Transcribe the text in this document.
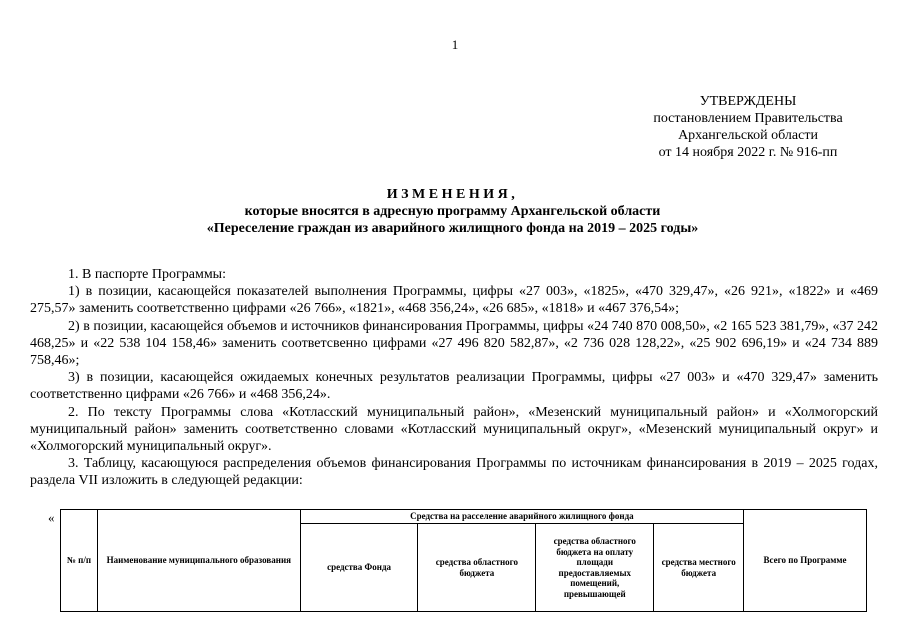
1
УТВЕРЖДЕНЫ
постановлением Правительства
Архангельской области
от 14 ноября 2022 г. № 916-пп
ИЗМЕНЕНИЯ,
которые вносятся в адресную программу Архангельской области
«Переселение граждан из аварийного жилищного фонда на 2019 – 2025 годы»

1. В паспорте Программы:

1) в позиции, касающейся показателей выполнения Программы, цифры «27 003», «1825», «470 329,47», «26 921», «1822» и «469 275,57» заменить соответственно цифрами «26 766», «1821», «468 356,24», «26 685», «1818» и «467 376,54»;

2) в позиции, касающейся объемов и источников финансирования Программы, цифры «24 740 870 008,50», «2 165 523 381,79», «37 242 468,25» и «22 538 104 158,46» заменить соответсвенно цифрами «27 496 820 582,87», «2 736 028 128,22», «25 902 696,19» и «24 734 889 758,46»;

3) в позиции, касающейся ожидаемых конечных результатов реализации Программы, цифры «27 003» и «470 329,47» заменить соответственно цифрами «26 766» и «468 356,24».

2. По тексту Программы слова «Котласский муниципальный район», «Мезенский муниципальный район» и «Холмогорский муниципальный район» заменить соответственно словами «Котласский муниципальный округ», «Мезенский муниципальный округ» и «Холмогорский муниципальный округ».

3. Таблицу, касающуюся распределения объемов финансирования Программы по источникам финансирования в 2019 – 2025 годах, раздела VII изложить в следующей редакции:

«
№ п/п	Наименование муниципального образования	Средства на расселение аварийного жилищного фонда				Всего по Программе
		средства Фонда	средства областного бюджета	средства областного бюджета на оплату площади предоставляемых помещений, превышающей	средства местного бюджета	
